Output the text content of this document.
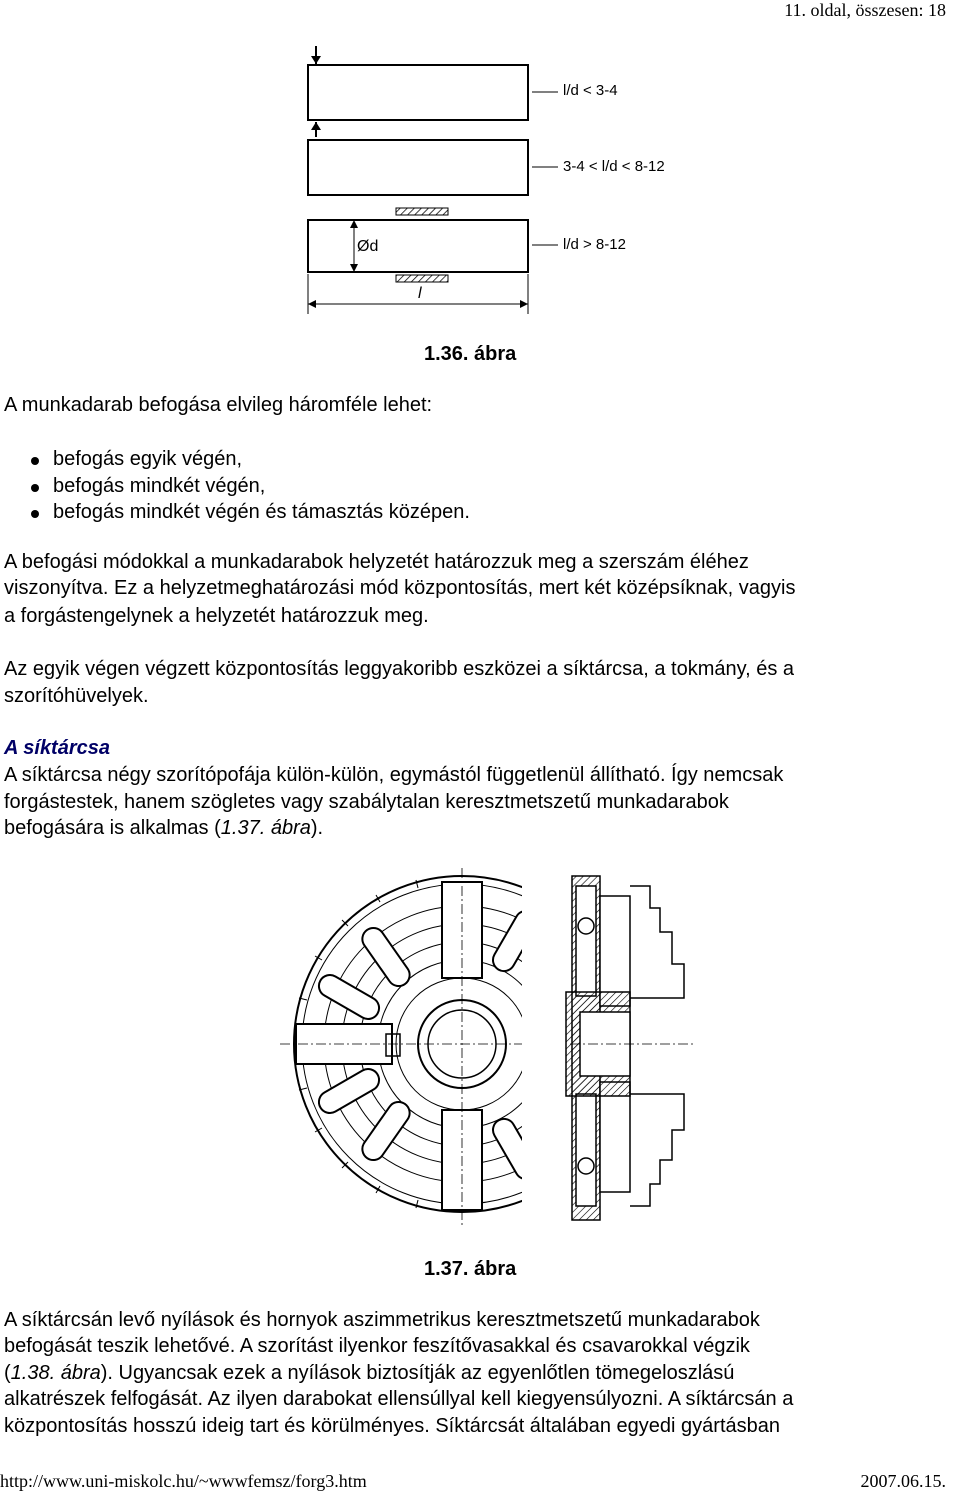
11. oldal, összesen: 18
l/d < 3-4
3-4 < l/d < 8-12
l/d > 8-12
Ød
l
1.36. ábra
A munkadarab befogása elvileg háromféle lehet:
befogás egyik végén,
befogás mindkét végén,
befogás mindkét végén és támasztás középen.
A befogási módokkal a munkadarabok helyzetét határozzuk meg a szerszám éléhez
viszonyítva. Ez a helyzetmeghatározási mód központosítás, mert két középsíknak, vagyis
a forgástengelynek a helyzetét határozzuk meg.
Az egyik végen végzett központosítás leggyakoribb eszközei a síktárcsa, a tokmány, és a
szorítóhüvelyek.
A síktárcsa
A síktárcsa négy szorítópofája külön-külön, egymástól függetlenül állítható. Így nemcsak
forgástestek, hanem szögletes vagy szabálytalan keresztmetszetű munkadarabok
befogására is alkalmas (1.37. ábra).
1.37. ábra
A síktárcsán levő nyílások és hornyok aszimmetrikus keresztmetszetű munkadarabok
befogását teszik lehetővé. A szorítást ilyenkor feszítővasakkal és csavarokkal végzik
(1.38. ábra). Ugyancsak ezek a nyílások biztosítják az egyenlőtlen tömegeloszlású
alkatrészek felfogását. Az ilyen darabokat ellensúllyal kell kiegyensúlyozni. A síktárcsán a
központosítás hosszú ideig tart és körülményes. Síktárcsát általában egyedi gyártásban
http://www.uni-miskolc.hu/~wwwfemsz/forg3.htm	2007.06.15.
